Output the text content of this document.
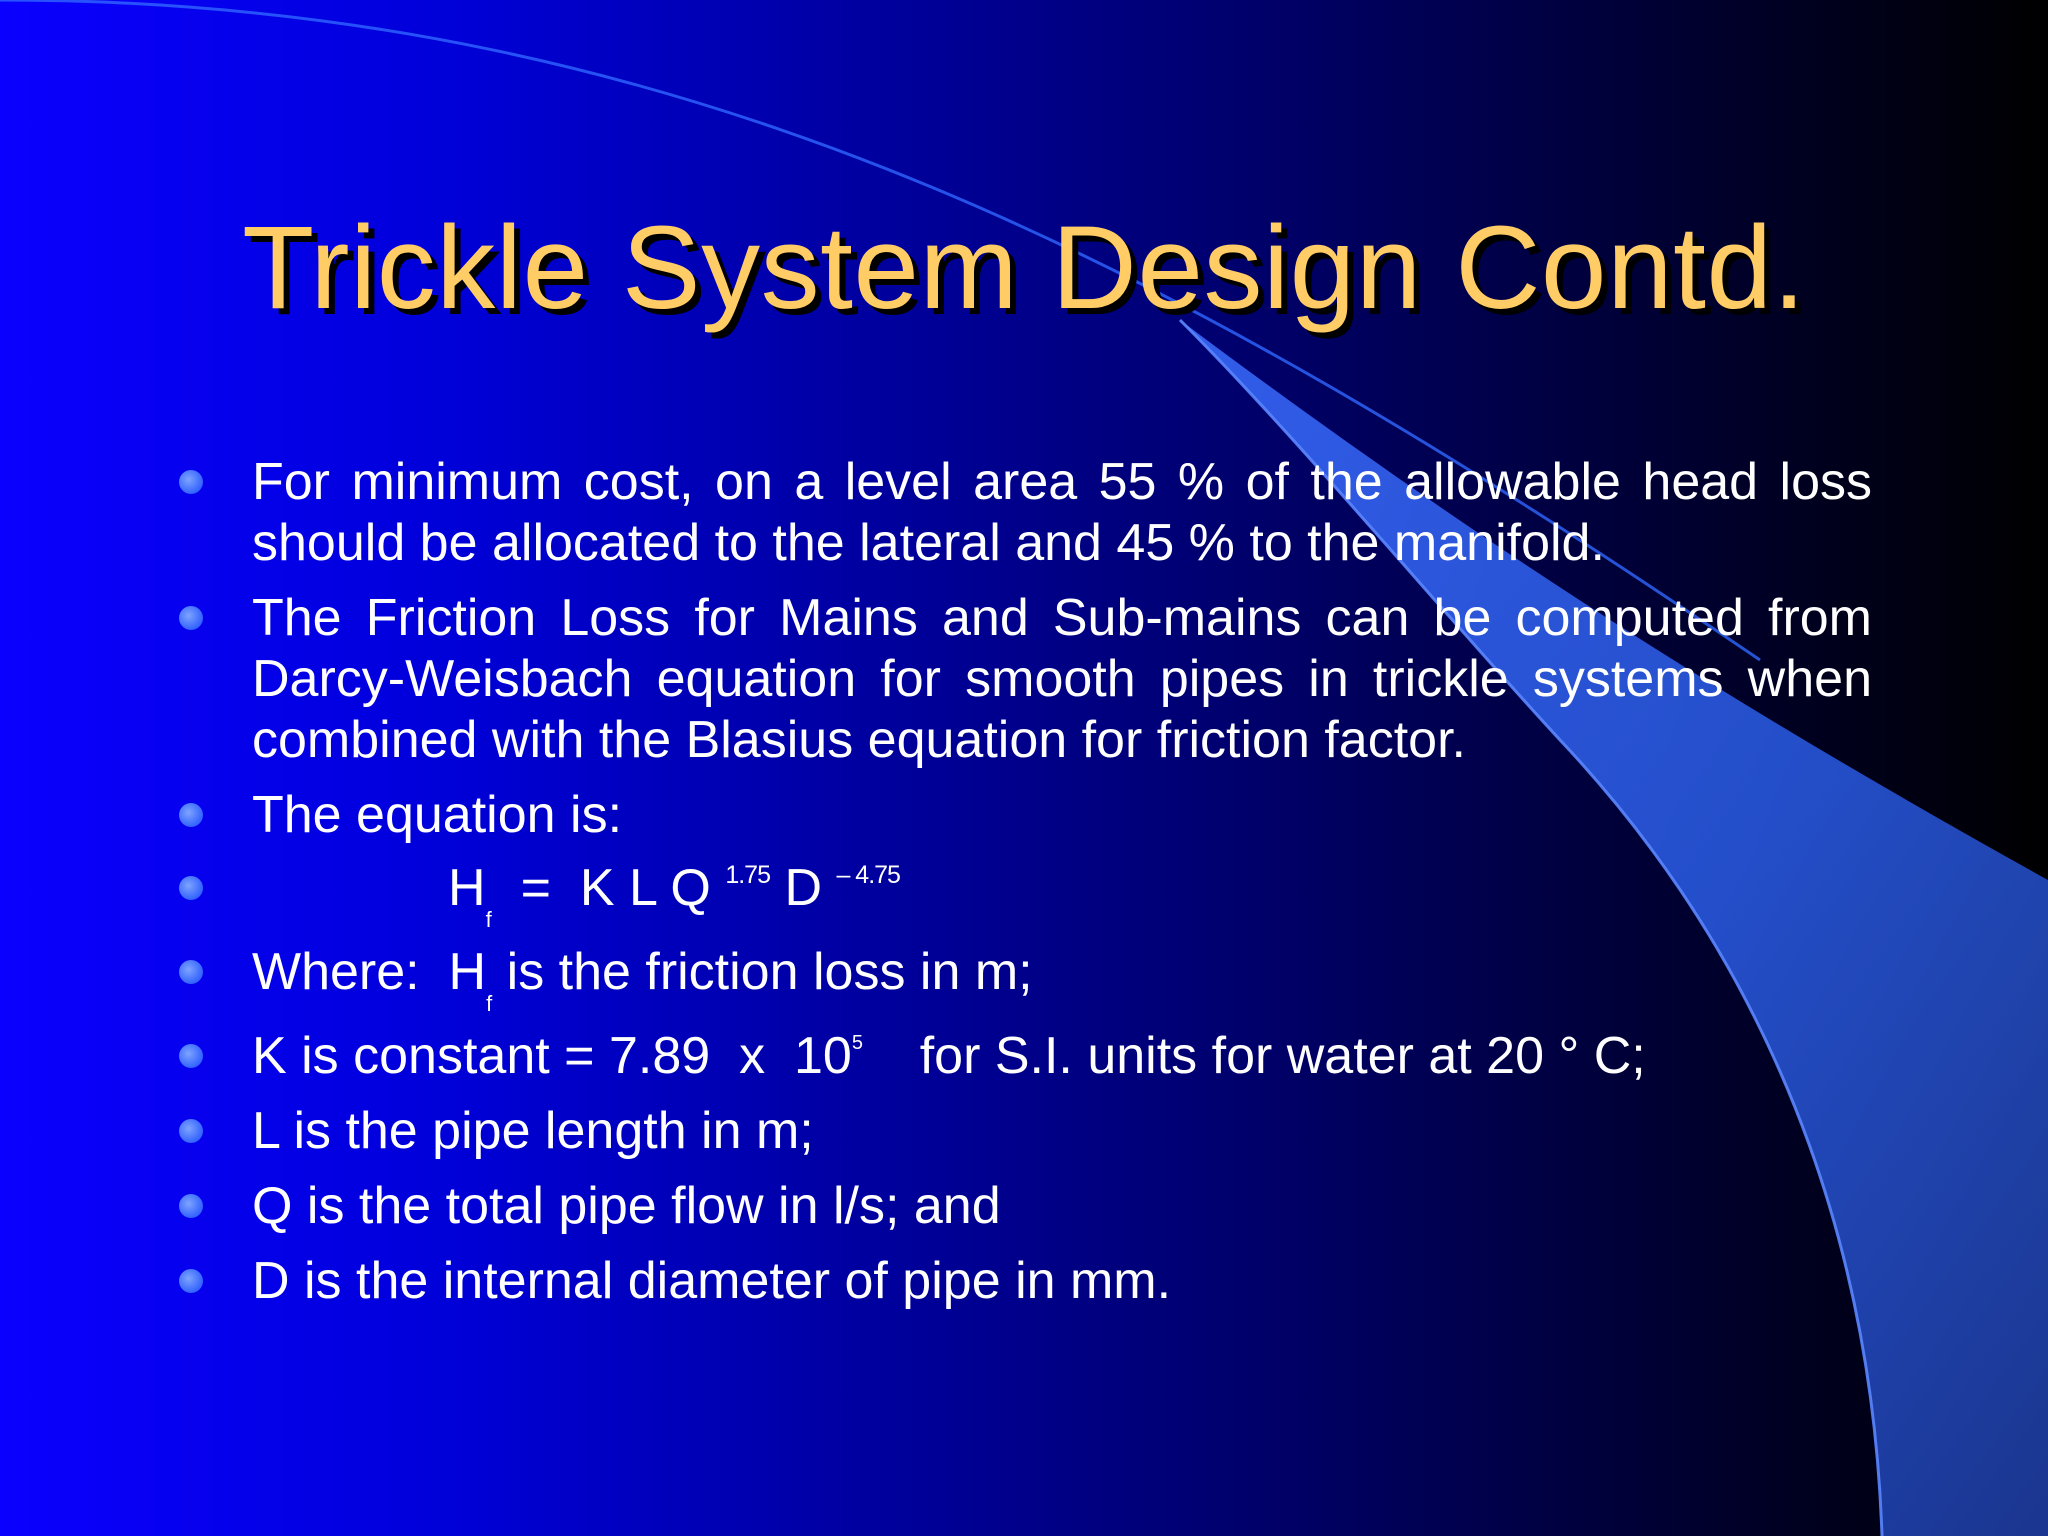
Trickle System Design Contd.
For minimum cost, on a level area 55 % of the allowable head loss should be allocated to the lateral and 45 % to the manifold.
The Friction Loss for Mains and Sub-mains can be computed from Darcy-Weisbach equation for smooth pipes in trickle systems when combined with the Blasius equation for friction factor.
The equation is:
$H_f = K$ L Q $^{1.75}$ D $^{- 4.75}$
Where:  $H_f$ is the friction loss in m;
K is constant = 7.89  x  $10^5$    for S.I. units for water at 20 ° C;
L is the pipe length in m;
Q is the total pipe flow in l/s; and
D is the internal diameter of pipe in mm.
